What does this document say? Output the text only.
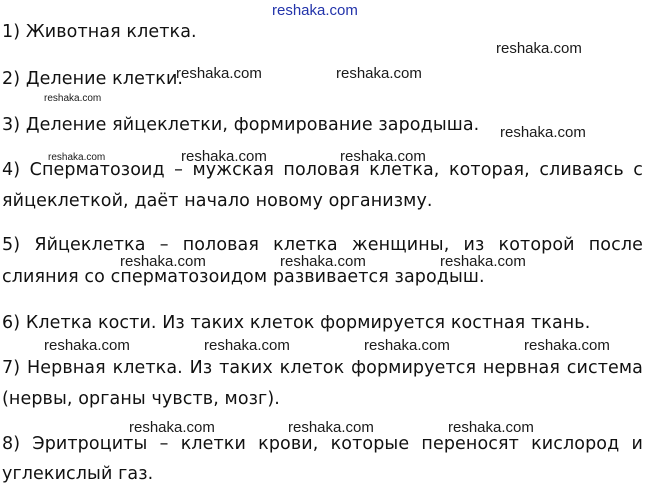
reshaka.com
reshaka.com
reshaka.com	reshaka.com
reshaka.com
reshaka.com
reshaka.com	reshaka.com	reshaka.com
reshaka.com	reshaka.com	reshaka.com
reshaka.com	reshaka.com	reshaka.com	reshaka.com
reshaka.com	reshaka.com	reshaka.com
1) Животная клетка.
2) Деление клетки.
3) Деление яйцеклетки, формирование зародыша.
4) Сперматозоид – мужская половая клетка, которая, сливаясь с
яйцеклеткой, даёт начало новому организму.
5) Яйцеклетка – половая клетка женщины, из которой после
слияния со сперматозоидом развивается зародыш.
6) Клетка кости. Из таких клеток формируется костная ткань.
7) Нервная клетка. Из таких клеток формируется нервная система
(нервы, органы чувств, мозг).
8) Эритроциты – клетки крови, которые переносят кислород и
углекислый газ.
